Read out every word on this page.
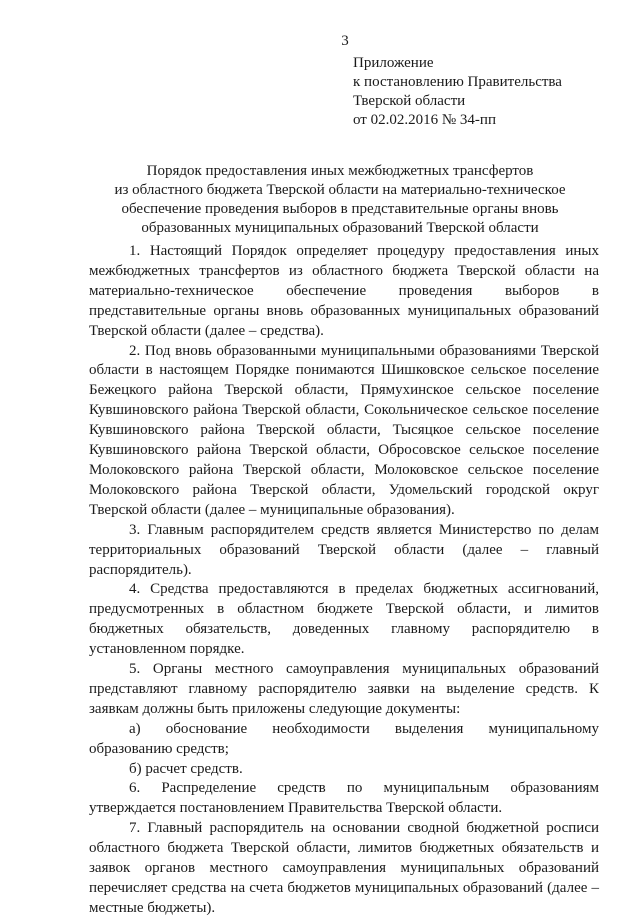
3
Приложение
к постановлению Правительства
Тверской области
от 02.02.2016 № 34-пп
Порядок предоставления иных межбюджетных трансфертов
из областного бюджета Тверской области на материально-техническое
обеспечение проведения выборов в представительные органы вновь
образованных муниципальных образований Тверской области

1. Настоящий Порядок определяет процедуру предоставления иных межбюджетных трансфертов из областного бюджета Тверской области на материально-техническое обеспечение проведения выборов в представительные органы вновь образованных муниципальных образований Тверской области (далее – средства).

2. Под вновь образованными муниципальными образованиями Тверской области в настоящем Порядке понимаются Шишковское сельское поселение Бежецкого района Тверской области, Прямухинское сельское поселение Кувшиновского района Тверской области, Сокольническое сельское поселение Кувшиновского района Тверской области, Тысяцкое сельское поселение Кувшиновского района Тверской области, Обросовское сельское поселение Молоковского района Тверской области, Молоковское сельское поселение Молоковского района Тверской области, Удомельский городской округ Тверской области (далее – муниципальные образования).

3. Главным распорядителем средств является Министерство по делам территориальных образований Тверской области (далее – главный распорядитель).

4. Средства предоставляются в пределах бюджетных ассигнований, предусмотренных в областном бюджете Тверской области, и лимитов бюджетных обязательств, доведенных главному распорядителю в установленном порядке.

5. Органы местного самоуправления муниципальных образований представляют главному распорядителю заявки на выделение средств. К заявкам должны быть приложены следующие документы:

а) обоснование необходимости выделения муниципальному образованию средств;

б) расчет средств.

6. Распределение средств по муниципальным образованиям утверждается постановлением Правительства Тверской области.

7. Главный распорядитель на основании сводной бюджетной росписи областного бюджета Тверской области, лимитов бюджетных обязательств и заявок органов местного самоуправления муниципальных образований перечисляет средства на счета бюджетов муниципальных образований (далее – местные бюджеты).
